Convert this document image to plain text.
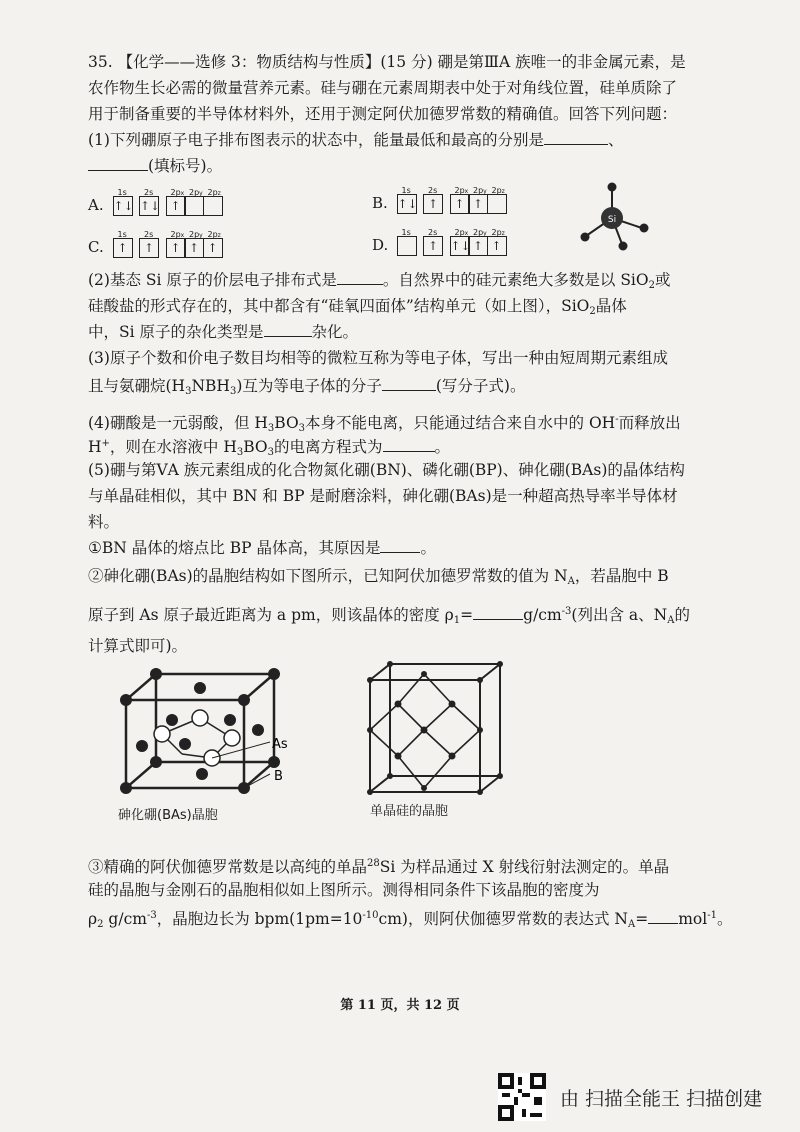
35. 【化学——选修 3：物质结构与性质】(15 分) 硼是第ⅢA 族唯一的非金属元素，是
农作物生长必需的微量营养元素。硅与硼在元素周期表中处于对角线位置，硅单质除了
用于制备重要的半导体材料外，还用于测定阿伏加德罗常数的精确值。回答下列问题：
(1)下列硼原子电子排布图表示的状态中，能量最低和最高的分别是	、
(填标号)。
A. ↑↓
1s
↑↓
2s
↑
2px 2py 2pz
B. ↑↓
1s
↑
2s
↑
2px
↑
2py 2pz
C.	↑
1s
↑
2s
↑
2px
↑
2py
↑
2pz
D.
1s
↑
2s
↑↓
2px
↑
2py
↑
2pz
Si
(2)基态 Si 原子的价层电子排布式是	。自然界中的硅元素绝大多数是以 SiO$_2$或
硅酸盐的形式存在的，其中都含有“硅氧四面体”结构单元（如上图），SiO$_2$晶体
中，Si 原子的杂化类型是	杂化。
(3)原子个数和价电子数目均相等的微粒互称为等电子体，写出一种由短周期元素组成
且与氨硼烷$(H_3NBH_3)$互为等电子体的分子	(写分子式)。
(4)硼酸是一元弱酸，但 $H_3BO_3$本身不能电离，只能通过结合来自水中的 OH-而释放出
H+，则在水溶液中 $H_3BO_3$的电离方程式为	。
(5)硼与第ⅤA 族元素组成的化合物氮化硼(BN)、磷化硼(BP)、砷化硼(BAs)的晶体结构
与单晶硅相似，其中 BN 和 BP 是耐磨涂料，砷化硼(BAs)是一种超高热导率半导体材
料。
①BN 晶体的熔点比 BP 晶体高，其原因是	。
②砷化硼(BAs)的晶胞结构如下图所示，已知阿伏加德罗常数的值为 $N_A$，若晶胞中 B
原子到 As 原子最近距离为 a pm，则该晶体的密度 $\rho_1=$	$g/cm^{-3}$(列出含 a、$N_A$的
计算式即可)。
As
B
砷化硼(BAs)晶胞	单晶硅的晶胞
③精确的阿伏伽德罗常数是以高纯的单晶$^{28}$Si 为样品通过 X 射线衍射法测定的。单晶
硅的晶胞与金刚石的晶胞相似如上图所示。测得相同条件下该晶胞的密度为
$\rho_2$ $g/cm^{-3}$，晶胞边长为 $bpm(1pm=10^{-10}cm)$，则阿伏伽德罗常数的表达式 $N_A= mol^{-1}$。
第 11 页，共 12 页
由 扫描全能王 扫描创建
